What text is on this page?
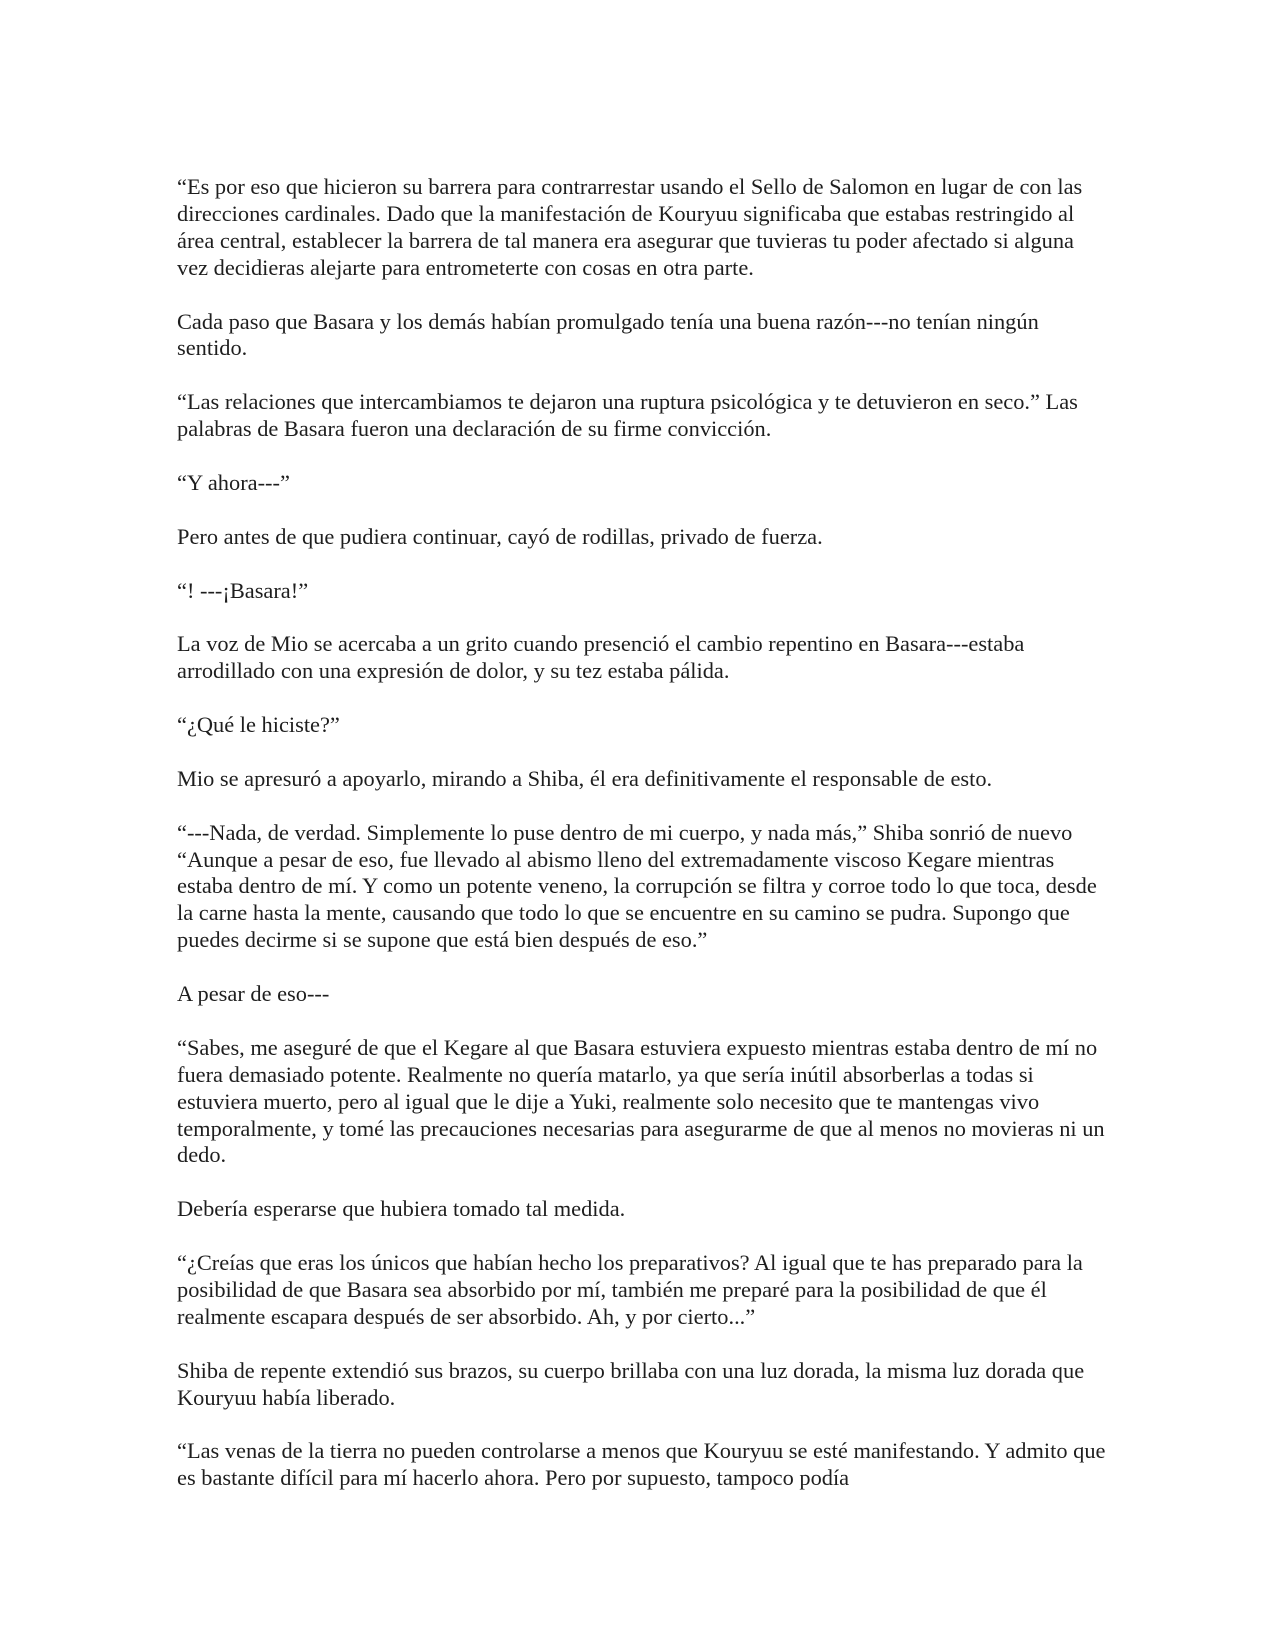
“Es por eso que hicieron su barrera para contrarrestar usando el Sello de Salomon en lugar de con las direcciones cardinales. Dado que la manifestación de Kouryuu significaba que estabas restringido al área central, establecer la barrera de tal manera era asegurar que tuvieras tu poder afectado si alguna vez decidieras alejarte para entrometerte con cosas en otra parte.

Cada paso que Basara y los demás habían promulgado tenía una buena razón---no tenían ningún sentido.

“Las relaciones que intercambiamos te dejaron una ruptura psicológica y te detuvieron en seco.” Las palabras de Basara fueron una declaración de su firme convicción.

“Y ahora---”

Pero antes de que pudiera continuar, cayó de rodillas, privado de fuerza.

“! ---¡Basara!”

La voz de Mio se acercaba a un grito cuando presenció el cambio repentino en Basara---estaba arrodillado con una expresión de dolor, y su tez estaba pálida.

“¿Qué le hiciste?”

Mio se apresuró a apoyarlo, mirando a Shiba, él era definitivamente el responsable de esto.

“---Nada, de verdad. Simplemente lo puse dentro de mi cuerpo, y nada más,” Shiba sonrió de nuevo “Aunque a pesar de eso, fue llevado al abismo lleno del extremadamente viscoso Kegare mientras estaba dentro de mí. Y como un potente veneno, la corrupción se filtra y corroe todo lo que toca, desde la carne hasta la mente, causando que todo lo que se encuentre en su camino se pudra. Supongo que puedes decirme si se supone que está bien después de eso.”

A pesar de eso---

“Sabes, me aseguré de que el Kegare al que Basara estuviera expuesto mientras estaba dentro de mí no fuera demasiado potente. Realmente no quería matarlo, ya que sería inútil absorberlas a todas si estuviera muerto, pero al igual que le dije a Yuki, realmente solo necesito que te mantengas vivo temporalmente, y tomé las precauciones necesarias para asegurarme de que al menos no movieras ni un dedo.

Debería esperarse que hubiera tomado tal medida.

“¿Creías que eras los únicos que habían hecho los preparativos? Al igual que te has preparado para la posibilidad de que Basara sea absorbido por mí, también me preparé para la posibilidad de que él realmente escapara después de ser absorbido. Ah, y por cierto...”

Shiba de repente extendió sus brazos, su cuerpo brillaba con una luz dorada, la misma luz dorada que Kouryuu había liberado.

“Las venas de la tierra no pueden controlarse a menos que Kouryuu se esté manifestando. Y admito que es bastante difícil para mí hacerlo ahora. Pero por supuesto, tampoco podía
